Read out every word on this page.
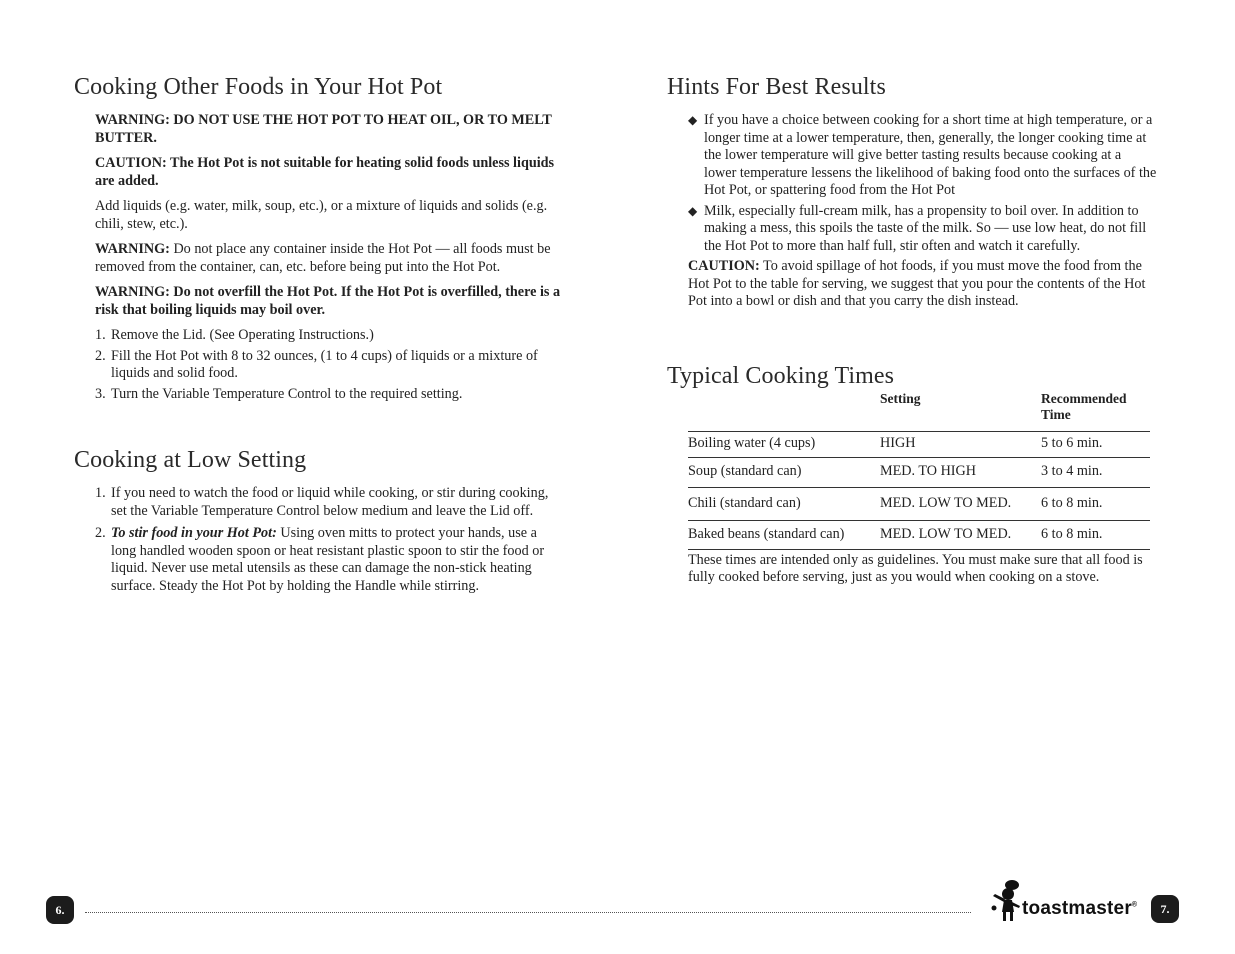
Cooking Other Foods in Your Hot Pot

WARNING: DO NOT USE THE HOT POT TO HEAT OIL, OR TO MELT BUTTER.

CAUTION: The Hot Pot is not suitable for heating solid foods unless liquids are added.

Add liquids (e.g. water, milk, soup, etc.), or a mixture of liquids and solids (e.g. chili, stew, etc.).

WARNING: Do not place any container inside the Hot Pot — all foods must be removed from the container, can, etc. before being put into the Hot Pot.

WARNING: Do not overfill the Hot Pot. If the Hot Pot is overfilled, there is a risk that boiling liquids may boil over.

1. Remove the Lid. (See Operating Instructions.)
2. Fill the Hot Pot with 8 to 32 ounces, (1 to 4 cups) of liquids or a mixture of liquids and solid food.
3. Turn the Variable Temperature Control to the required setting.
Cooking at Low Setting
1. If you need to watch the food or liquid while cooking, or stir during cooking, set the Variable Temperature Control below medium and leave the Lid off.
2. To stir food in your Hot Pot: Using oven mitts to protect your hands, use a long handled wooden spoon or heat resistant plastic spoon to stir the food or liquid. Never use metal utensils as these can damage the non-stick heating surface. Steady the Hot Pot by holding the Handle while stirring.
Hints For Best Results
◆ If you have a choice between cooking for a short time at high temperature, or a longer time at a lower temperature, then, generally, the longer cooking time at the lower temperature will give better tasting results because cooking at a lower temperature lessens the likelihood of baking food onto the surfaces of the Hot Pot, or spattering food from the Hot Pot
◆ Milk, especially full-cream milk, has a propensity to boil over. In addition to making a mess, this spoils the taste of the milk. So — use low heat, do not fill the Hot Pot to more than half full, stir often and watch it carefully.

CAUTION: To avoid spillage of hot foods, if you must move the food from the Hot Pot to the table for serving, we suggest that you pour the contents of the Hot Pot into a bowl or dish and that you carry the dish instead.

Typical Cooking Times
	Setting	Recommended Time
Boiling water (4 cups)	HIGH	5 to 6 min.
Soup (standard can)	MED. TO HIGH	3 to 4 min.
Chili (standard can)	MED. LOW TO MED.	6 to 8 min.
Baked beans (standard can)	MED. LOW TO MED.	6 to 8 min.

These times are intended only as guidelines. You must make sure that all food is fully cooked before serving, just as you would when cooking on a stove.

6.	toastmaster®	7.
